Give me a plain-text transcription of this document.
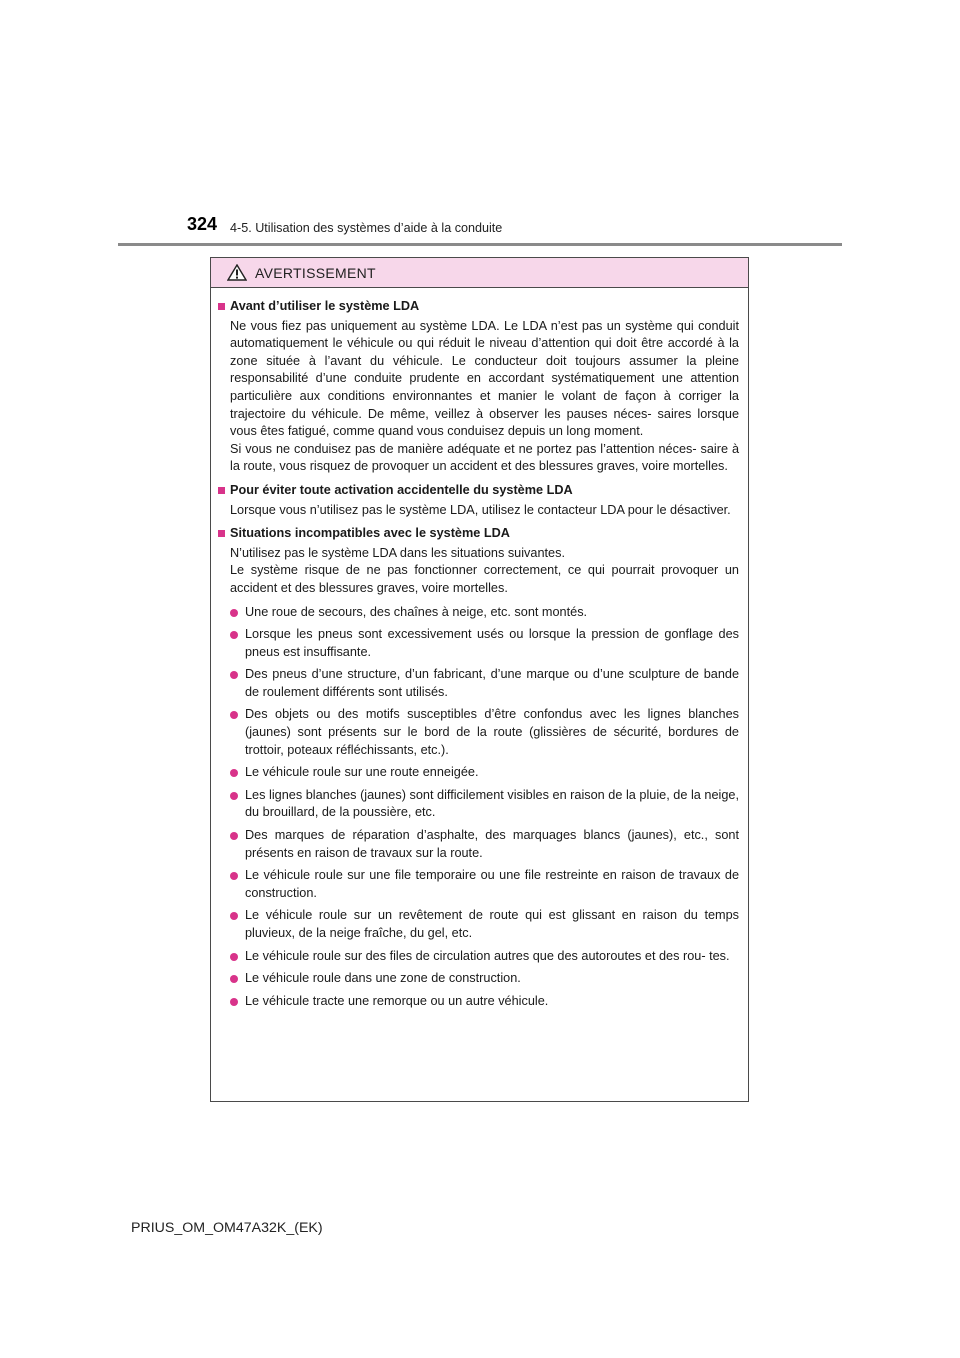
324 4-5. Utilisation des systèmes d’aide à la conduite
AVERTISSEMENT
Avant d’utiliser le système LDA
Ne vous fiez pas uniquement au système LDA. Le LDA n’est pas un système qui conduit automatiquement le véhicule ou qui réduit le niveau d’attention qui doit être accordé à la zone située à l’avant du véhicule. Le conducteur doit toujours assumer la pleine responsabilité d’une conduite prudente en accordant systématiquement une attention particulière aux conditions environnantes et manier le volant de façon à corriger la trajectoire du véhicule. De même, veillez à observer les pauses néces- saires lorsque vous êtes fatigué, comme quand vous conduisez depuis un long moment.
Si vous ne conduisez pas de manière adéquate et ne portez pas l’attention néces- saire à la route, vous risquez de provoquer un accident et des blessures graves, voire mortelles.
Pour éviter toute activation accidentelle du système LDA
Lorsque vous n’utilisez pas le système LDA, utilisez le contacteur LDA pour le désactiver.
Situations incompatibles avec le système LDA
N’utilisez pas le système LDA dans les situations suivantes.
Le système risque de ne pas fonctionner correctement, ce qui pourrait provoquer un accident et des blessures graves, voire mortelles.
Une roue de secours, des chaînes à neige, etc. sont montés.
Lorsque les pneus sont excessivement usés ou lorsque la pression de gonflage des pneus est insuffisante.
Des pneus d’une structure, d’un fabricant, d’une marque ou d’une sculpture de bande de roulement différents sont utilisés.
Des objets ou des motifs susceptibles d’être confondus avec les lignes blanches (jaunes) sont présents sur le bord de la route (glissières de sécurité, bordures de trottoir, poteaux réfléchissants, etc.).
Le véhicule roule sur une route enneigée.
Les lignes blanches (jaunes) sont difficilement visibles en raison de la pluie, de la neige, du brouillard, de la poussière, etc.
Des marques de réparation d’asphalte, des marquages blancs (jaunes), etc., sont présents en raison de travaux sur la route.
Le véhicule roule sur une file temporaire ou une file restreinte en raison de travaux de construction.
Le véhicule roule sur un revêtement de route qui est glissant en raison du temps pluvieux, de la neige fraîche, du gel, etc.
Le véhicule roule sur des files de circulation autres que des autoroutes et des rou- tes.
Le véhicule roule dans une zone de construction.
Le véhicule tracte une remorque ou un autre véhicule.
PRIUS_OM_OM47A32K_(EK)
